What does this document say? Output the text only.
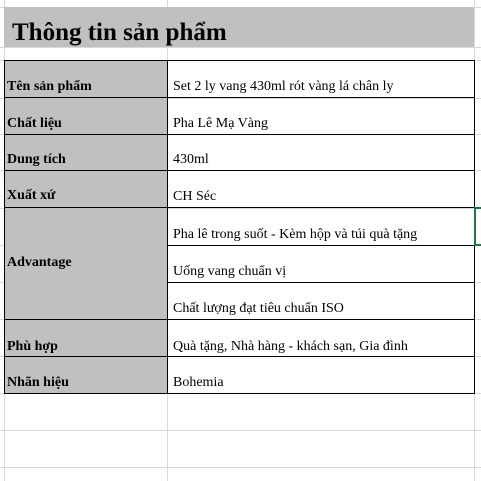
Thông tin sản phẩm
Tên sản phẩm
Chất liệu
Dung tích
Xuất xứ
Advantage
Phù hợp
Nhãn hiệu
Set 2 ly vang 430ml rót vàng lá chân ly
Pha Lê Mạ Vàng
430ml
CH Séc
Pha lê trong suốt - Kèm hộp và túi quà tặng
Uống vang chuẩn vị
Chất lượng đạt tiêu chuẩn ISO
Quà tặng, Nhà hàng - khách sạn, Gia đình
Bohemia
